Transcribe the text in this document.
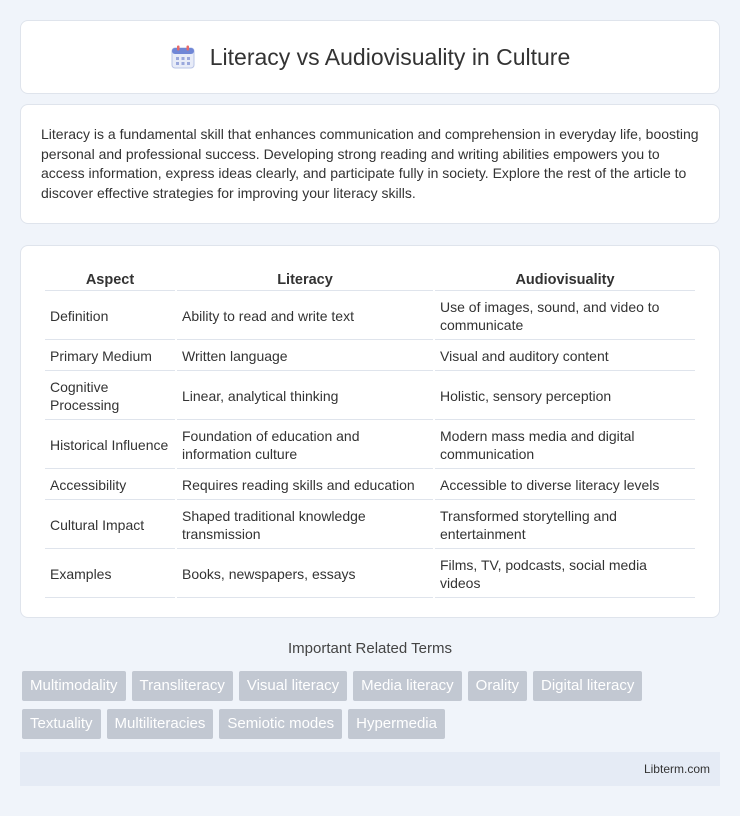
Literacy vs Audiovisuality in Culture

Literacy is a fundamental skill that enhances communication and comprehension in everyday life, boosting personal and professional success. Developing strong reading and writing abilities empowers you to access information, express ideas clearly, and participate fully in society. Explore the rest of the article to discover effective strategies for improving your literacy skills.

Aspect	Literacy	Audiovisuality
Definition	Ability to read and write text	Use of images, sound, and video to communicate
Primary Medium	Written language	Visual and auditory content
Cognitive Processing	Linear, analytical thinking	Holistic, sensory perception
Historical Influence	Foundation of education and information culture	Modern mass media and digital communication
Accessibility	Requires reading skills and education	Accessible to diverse literacy levels
Cultural Impact	Shaped traditional knowledge transmission	Transformed storytelling and entertainment
Examples	Books, newspapers, essays	Films, TV, podcasts, social media videos
Important Related Terms
Multimodality	Transliteracy	Visual literacy	Media literacy	Orality	Digital literacy
Textuality	Multiliteracies	Semiotic modes	Hypermedia
Libterm.com
